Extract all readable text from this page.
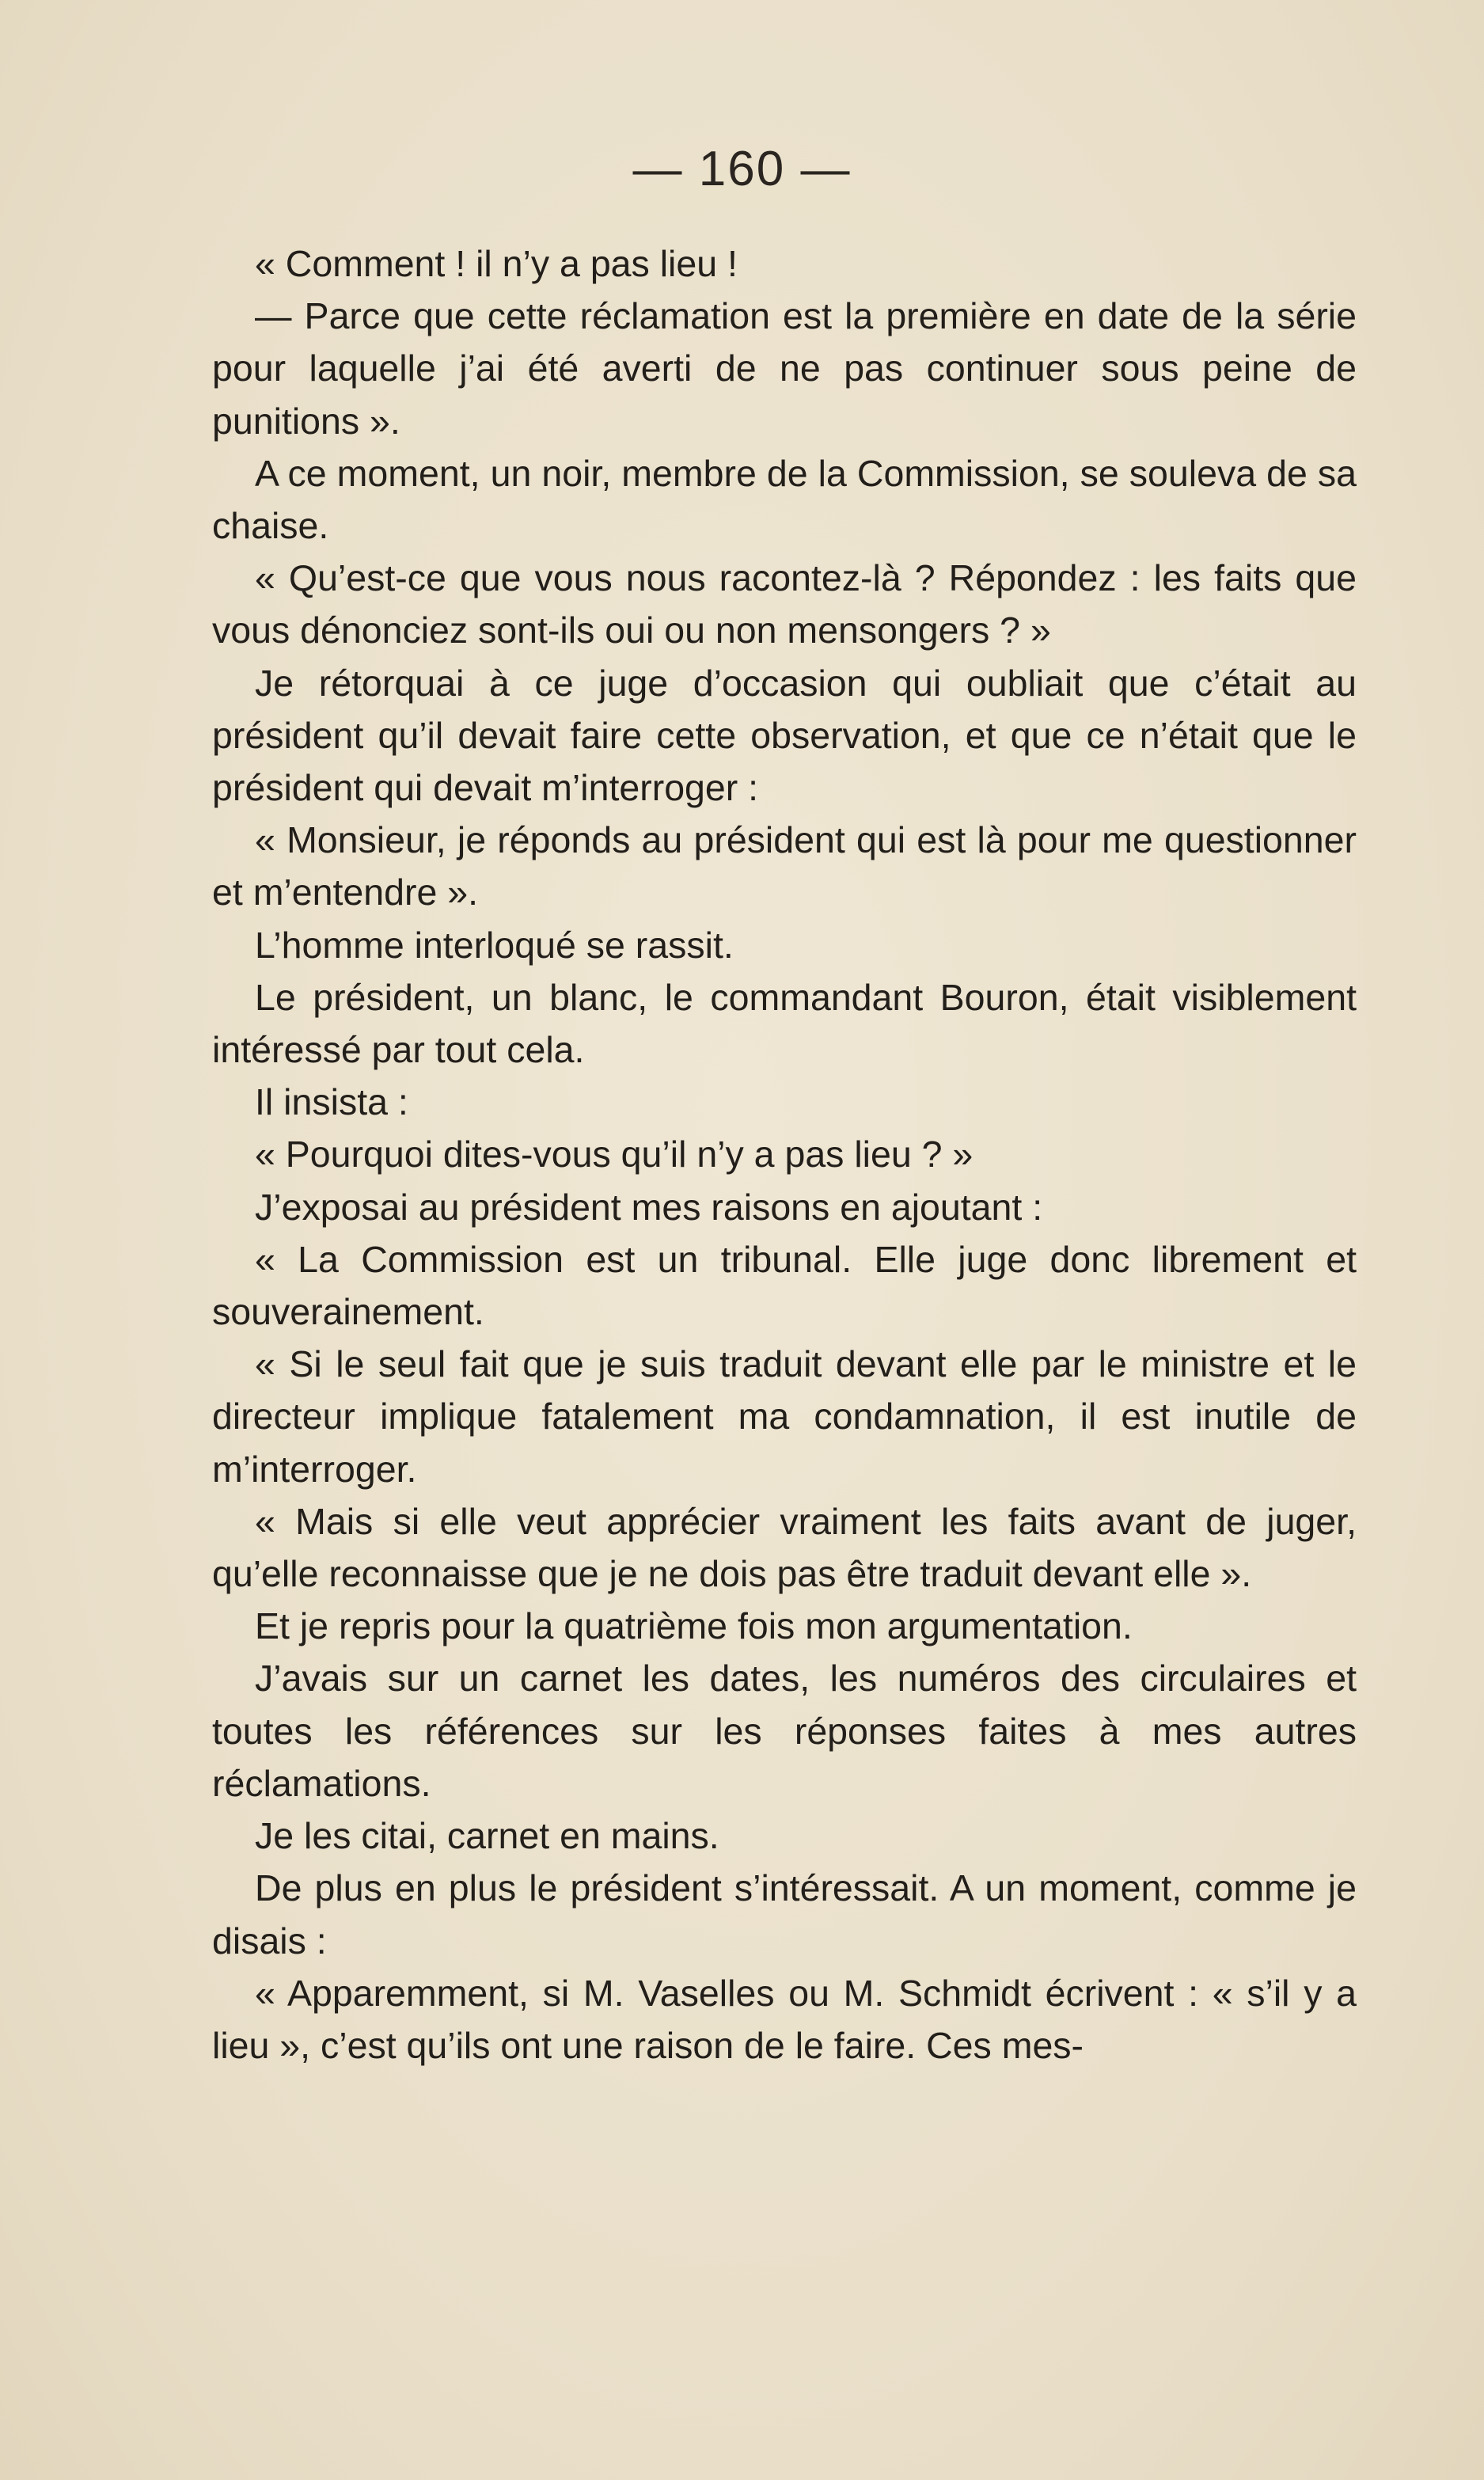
— 160 —

« Comment ! il n’y a pas lieu !

— Parce que cette réclamation est la première en date de la série pour laquelle j’ai été averti de ne pas continuer sous peine de punitions ».

A ce moment, un noir, membre de la Commission, se souleva de sa chaise.

« Qu’est-ce que vous nous racontez-là ? Répondez : les faits que vous dénonciez sont-ils oui ou non mensongers ? »

Je rétorquai à ce juge d’occasion qui oubliait que c’était au président qu’il devait faire cette observation, et que ce n’était que le président qui devait m’interroger :

« Monsieur, je réponds au président qui est là pour me questionner et m’entendre ».

L’homme interloqué se rassit.

Le président, un blanc, le commandant Bouron, était visiblement intéressé par tout cela.

Il insista :

« Pourquoi dites-vous qu’il n’y a pas lieu ? »

J’exposai au président mes raisons en ajoutant :

« La Commission est un tribunal. Elle juge donc librement et souverainement.

« Si le seul fait que je suis traduit devant elle par le ministre et le directeur implique fatalement ma condamnation, il est inutile de m’interroger.

« Mais si elle veut apprécier vraiment les faits avant de juger, qu’elle reconnaisse que je ne dois pas être traduit devant elle ».

Et je repris pour la quatrième fois mon argumentation.

J’avais sur un carnet les dates, les numéros des circulaires et toutes les références sur les réponses faites à mes autres réclamations.

Je les citai, carnet en mains.

De plus en plus le président s’intéressait. A un moment, comme je disais :

« Apparemment, si M. Vaselles ou M. Schmidt écrivent : « s’il y a lieu », c’est qu’ils ont une raison de le faire. Ces mes-
